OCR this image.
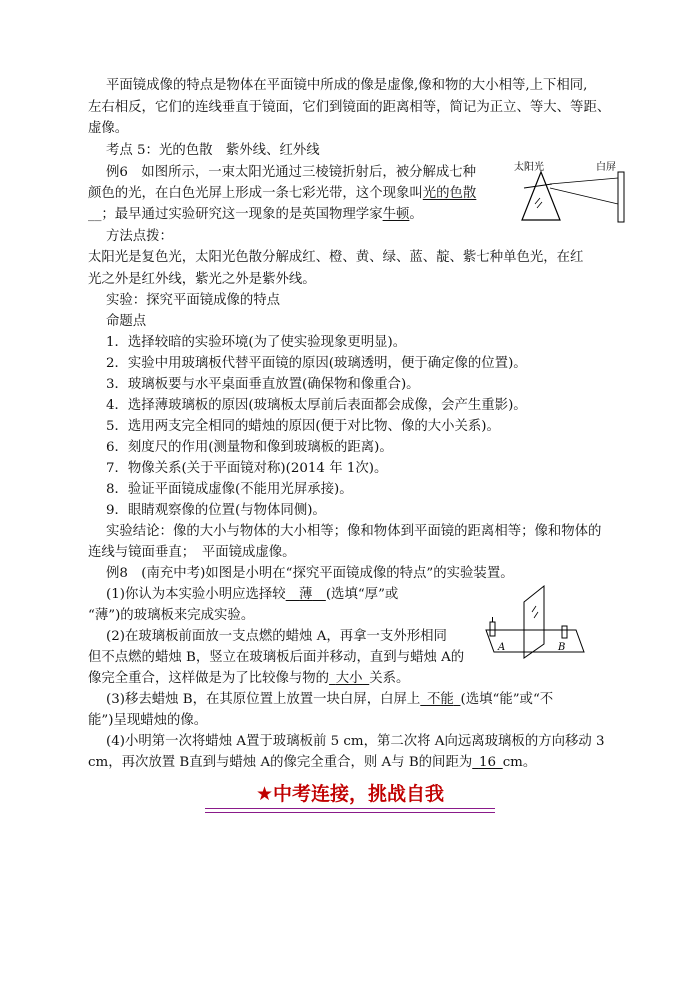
平面镜成像的特点是物体在平面镜中所成的像是虚像,像和物的大小相等,上下相同,
左右相反，它们的连线垂直于镜面，它们到镜面的距离相等，简记为正立、等大、等距、
虚像。
考点 5：光的色散　紫外线、红外线
例6　如图所示，一束太阳光通过三棱镜折射后，被分解成七种
颜色的光，在白色光屏上形成一条七彩光带，这个现象叫光的色散
__；最早通过实验研究这一现象的是英国物理学家牛顿。
太阳光	白屏
方法点拨：
太阳光是复色光，太阳光色散分解成红、橙、黄、绿、蓝、靛、紫七种单色光，在红
光之外是红外线，紫光之外是紫外线。
实验：探究平面镜成像的特点
命题点
1．选择较暗的实验环境(为了使实验现象更明显)。
2．实验中用玻璃板代替平面镜的原因(玻璃透明，便于确定像的位置)。
3．玻璃板要与水平桌面垂直放置(确保物和像重合)。
4．选择薄玻璃板的原因(玻璃板太厚前后表面都会成像，会产生重影)。
5．选用两支完全相同的蜡烛的原因(便于对比物、像的大小关系)。
6．刻度尺的作用(测量物和像到玻璃板的距离)。
7．物像关系(关于平面镜对称)(2014 年 1次)。
8．验证平面镜成虚像(不能用光屏承接)。
9．眼睛观察像的位置(与物体同侧)。
实验结论：像的大小与物体的大小相等；像和物体到平面镜的距离相等；像和物体的
连线与镜面垂直；　平面镜成虚像。
例8　(南充中考)如图是小明在“探究平面镜成像的特点”的实验装置。
(1)你认为本实验小明应选择较  薄  (选填“厚”或
“薄”)的玻璃板来完成实验。
(2)在玻璃板前面放一支点燃的蜡烛 A，再拿一支外形相同
但不点燃的蜡烛 B，竖立在玻璃板后面并移动，直到与蜡烛 A的
像完全重合，这样做是为了比较像与物的  大小  关系。
(3)移去蜡烛 B，在其原位置上放置一块白屏，白屏上  不能  (选填“能”或“不
能”)呈现蜡烛的像。
(4)小明第一次将蜡烛 A置于玻璃板前 5 cm，第二次将 A向远离玻璃板的方向移动 3
cm，再次放置 B直到与蜡烛 A的像完全重合，则 A与 B的间距为  16  cm。
A	B
★中考连接，挑战自我
